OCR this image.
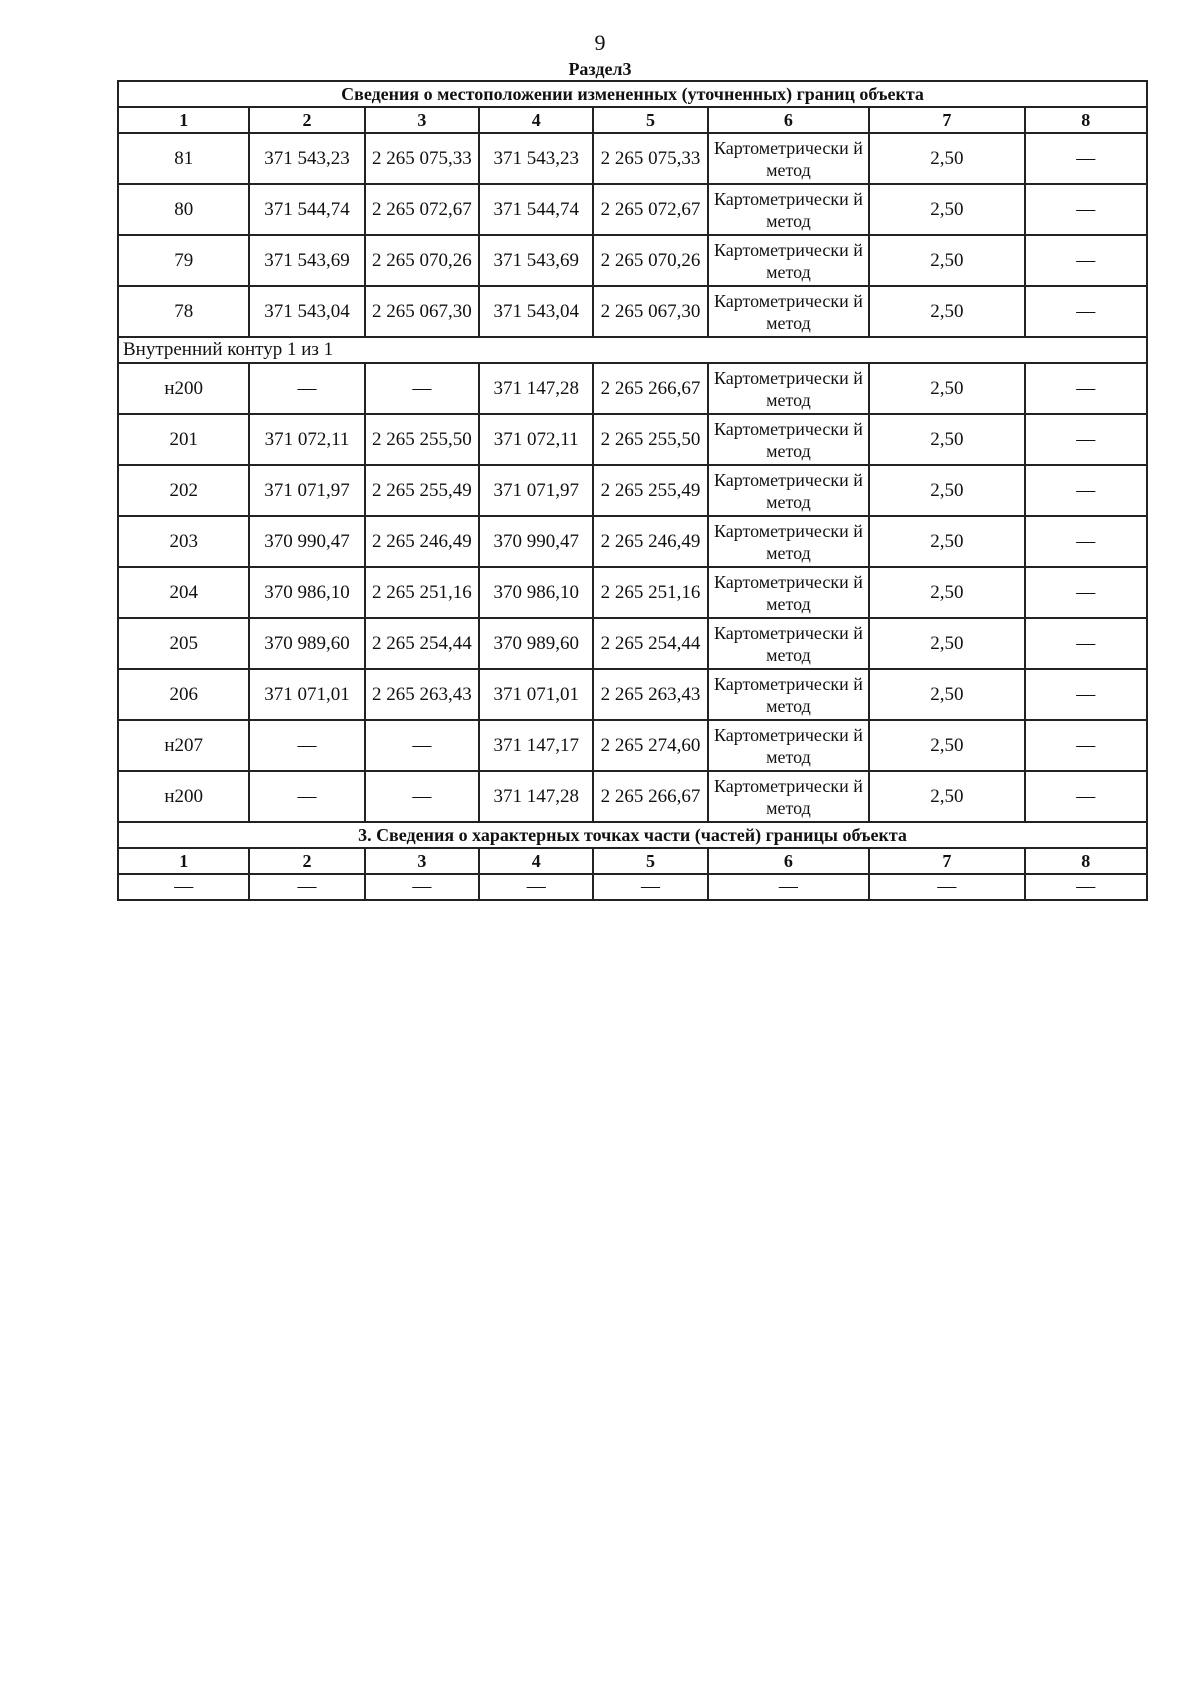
9
Раздел3
Сведения о местоположении измененных (уточненных) границ объекта							
1	2	3	4	5	6	7	8
81	371 543,23	2 265 075,33	371 543,23	2 265 075,33	Картометрически й метод	2,50	—
80	371 544,74	2 265 072,67	371 544,74	2 265 072,67	Картометрически й метод	2,50	—
79	371 543,69	2 265 070,26	371 543,69	2 265 070,26	Картометрически й метод	2,50	—
78	371 543,04	2 265 067,30	371 543,04	2 265 067,30	Картометрически й метод	2,50	—
Внутренний контур 1 из 1							
н200	—	—	371 147,28	2 265 266,67	Картометрически й метод	2,50	—
201	371 072,11	2 265 255,50	371 072,11	2 265 255,50	Картометрически й метод	2,50	—
202	371 071,97	2 265 255,49	371 071,97	2 265 255,49	Картометрически й метод	2,50	—
203	370 990,47	2 265 246,49	370 990,47	2 265 246,49	Картометрически й метод	2,50	—
204	370 986,10	2 265 251,16	370 986,10	2 265 251,16	Картометрически й метод	2,50	—
205	370 989,60	2 265 254,44	370 989,60	2 265 254,44	Картометрически й метод	2,50	—
206	371 071,01	2 265 263,43	371 071,01	2 265 263,43	Картометрически й метод	2,50	—
н207	—	—	371 147,17	2 265 274,60	Картометрически й метод	2,50	—
н200	—	—	371 147,28	2 265 266,67	Картометрически й метод	2,50	—
3. Сведения о характерных точках части (частей) границы объекта							
1	2	3	4	5	6	7	8
—	—	—	—	—	—	—	—
